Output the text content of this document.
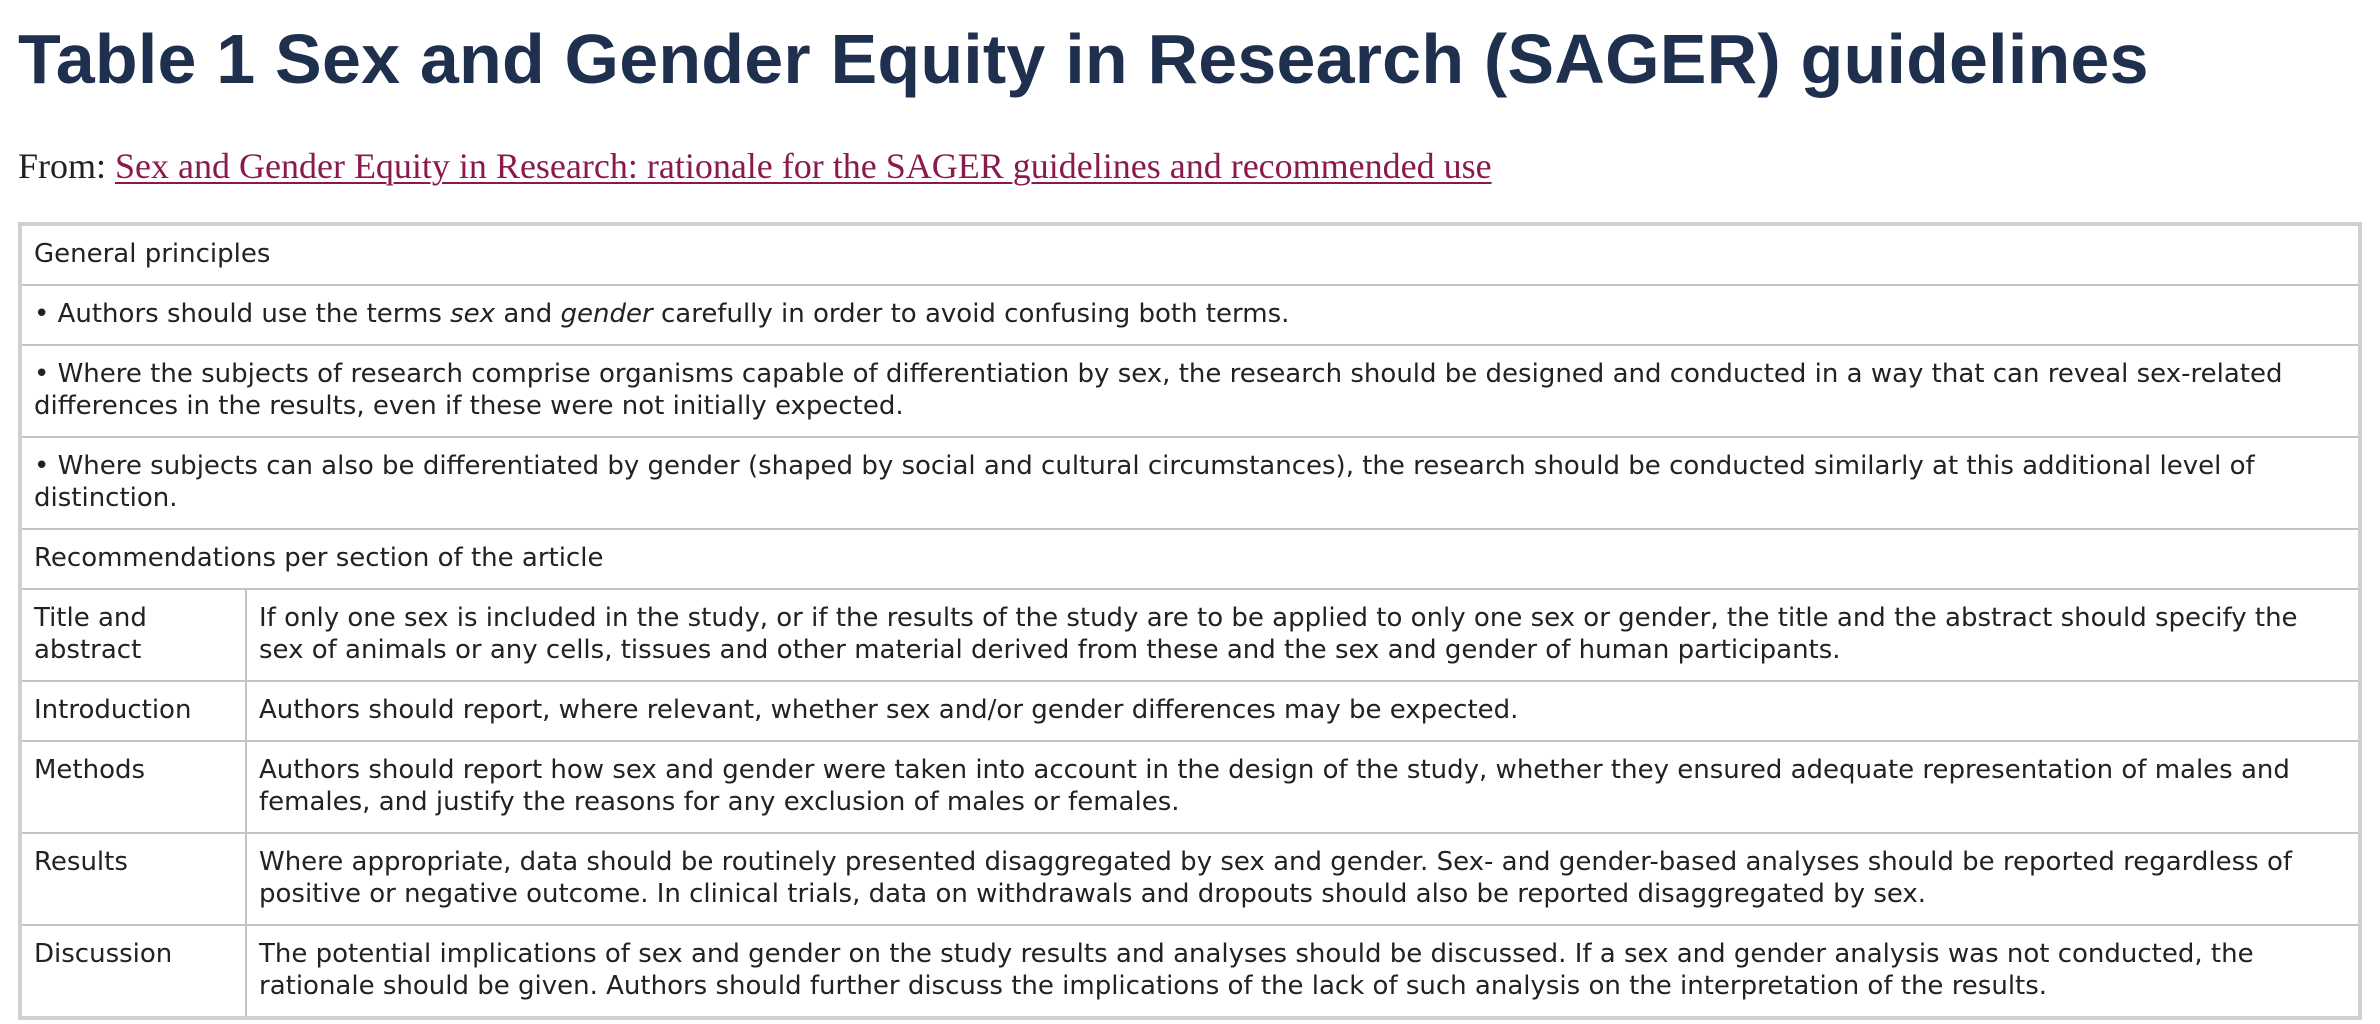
Table 1 Sex and Gender Equity in Research (SAGER) guidelines
From: Sex and Gender Equity in Research: rationale for the SAGER guidelines and recommended use
General principles	
• Authors should use the terms sex and gender carefully in order to avoid confusing both terms.	
• Where the subjects of research comprise organisms capable of differentiation by sex, the research should be designed and conducted in a way that can reveal sex-related differences in the results, even if these were not initially expected.	
• Where subjects can also be differentiated by gender (shaped by social and cultural circumstances), the research should be conducted similarly at this additional level of distinction.	
Recommendations per section of the article	
Title and abstract	If only one sex is included in the study, or if the results of the study are to be applied to only one sex or gender, the title and the abstract should specify the sex of animals or any cells, tissues and other material derived from these and the sex and gender of human participants.
Introduction	Authors should report, where relevant, whether sex and/or gender differences may be expected.
Methods	Authors should report how sex and gender were taken into account in the design of the study, whether they ensured adequate representation of males and females, and justify the reasons for any exclusion of males or females.
Results	Where appropriate, data should be routinely presented disaggregated by sex and gender. Sex- and gender-based analyses should be reported regardless of positive or negative outcome. In clinical trials, data on withdrawals and dropouts should also be reported disaggregated by sex.
Discussion	The potential implications of sex and gender on the study results and analyses should be discussed. If a sex and gender analysis was not conducted, the rationale should be given. Authors should further discuss the implications of the lack of such analysis on the interpretation of the results.
